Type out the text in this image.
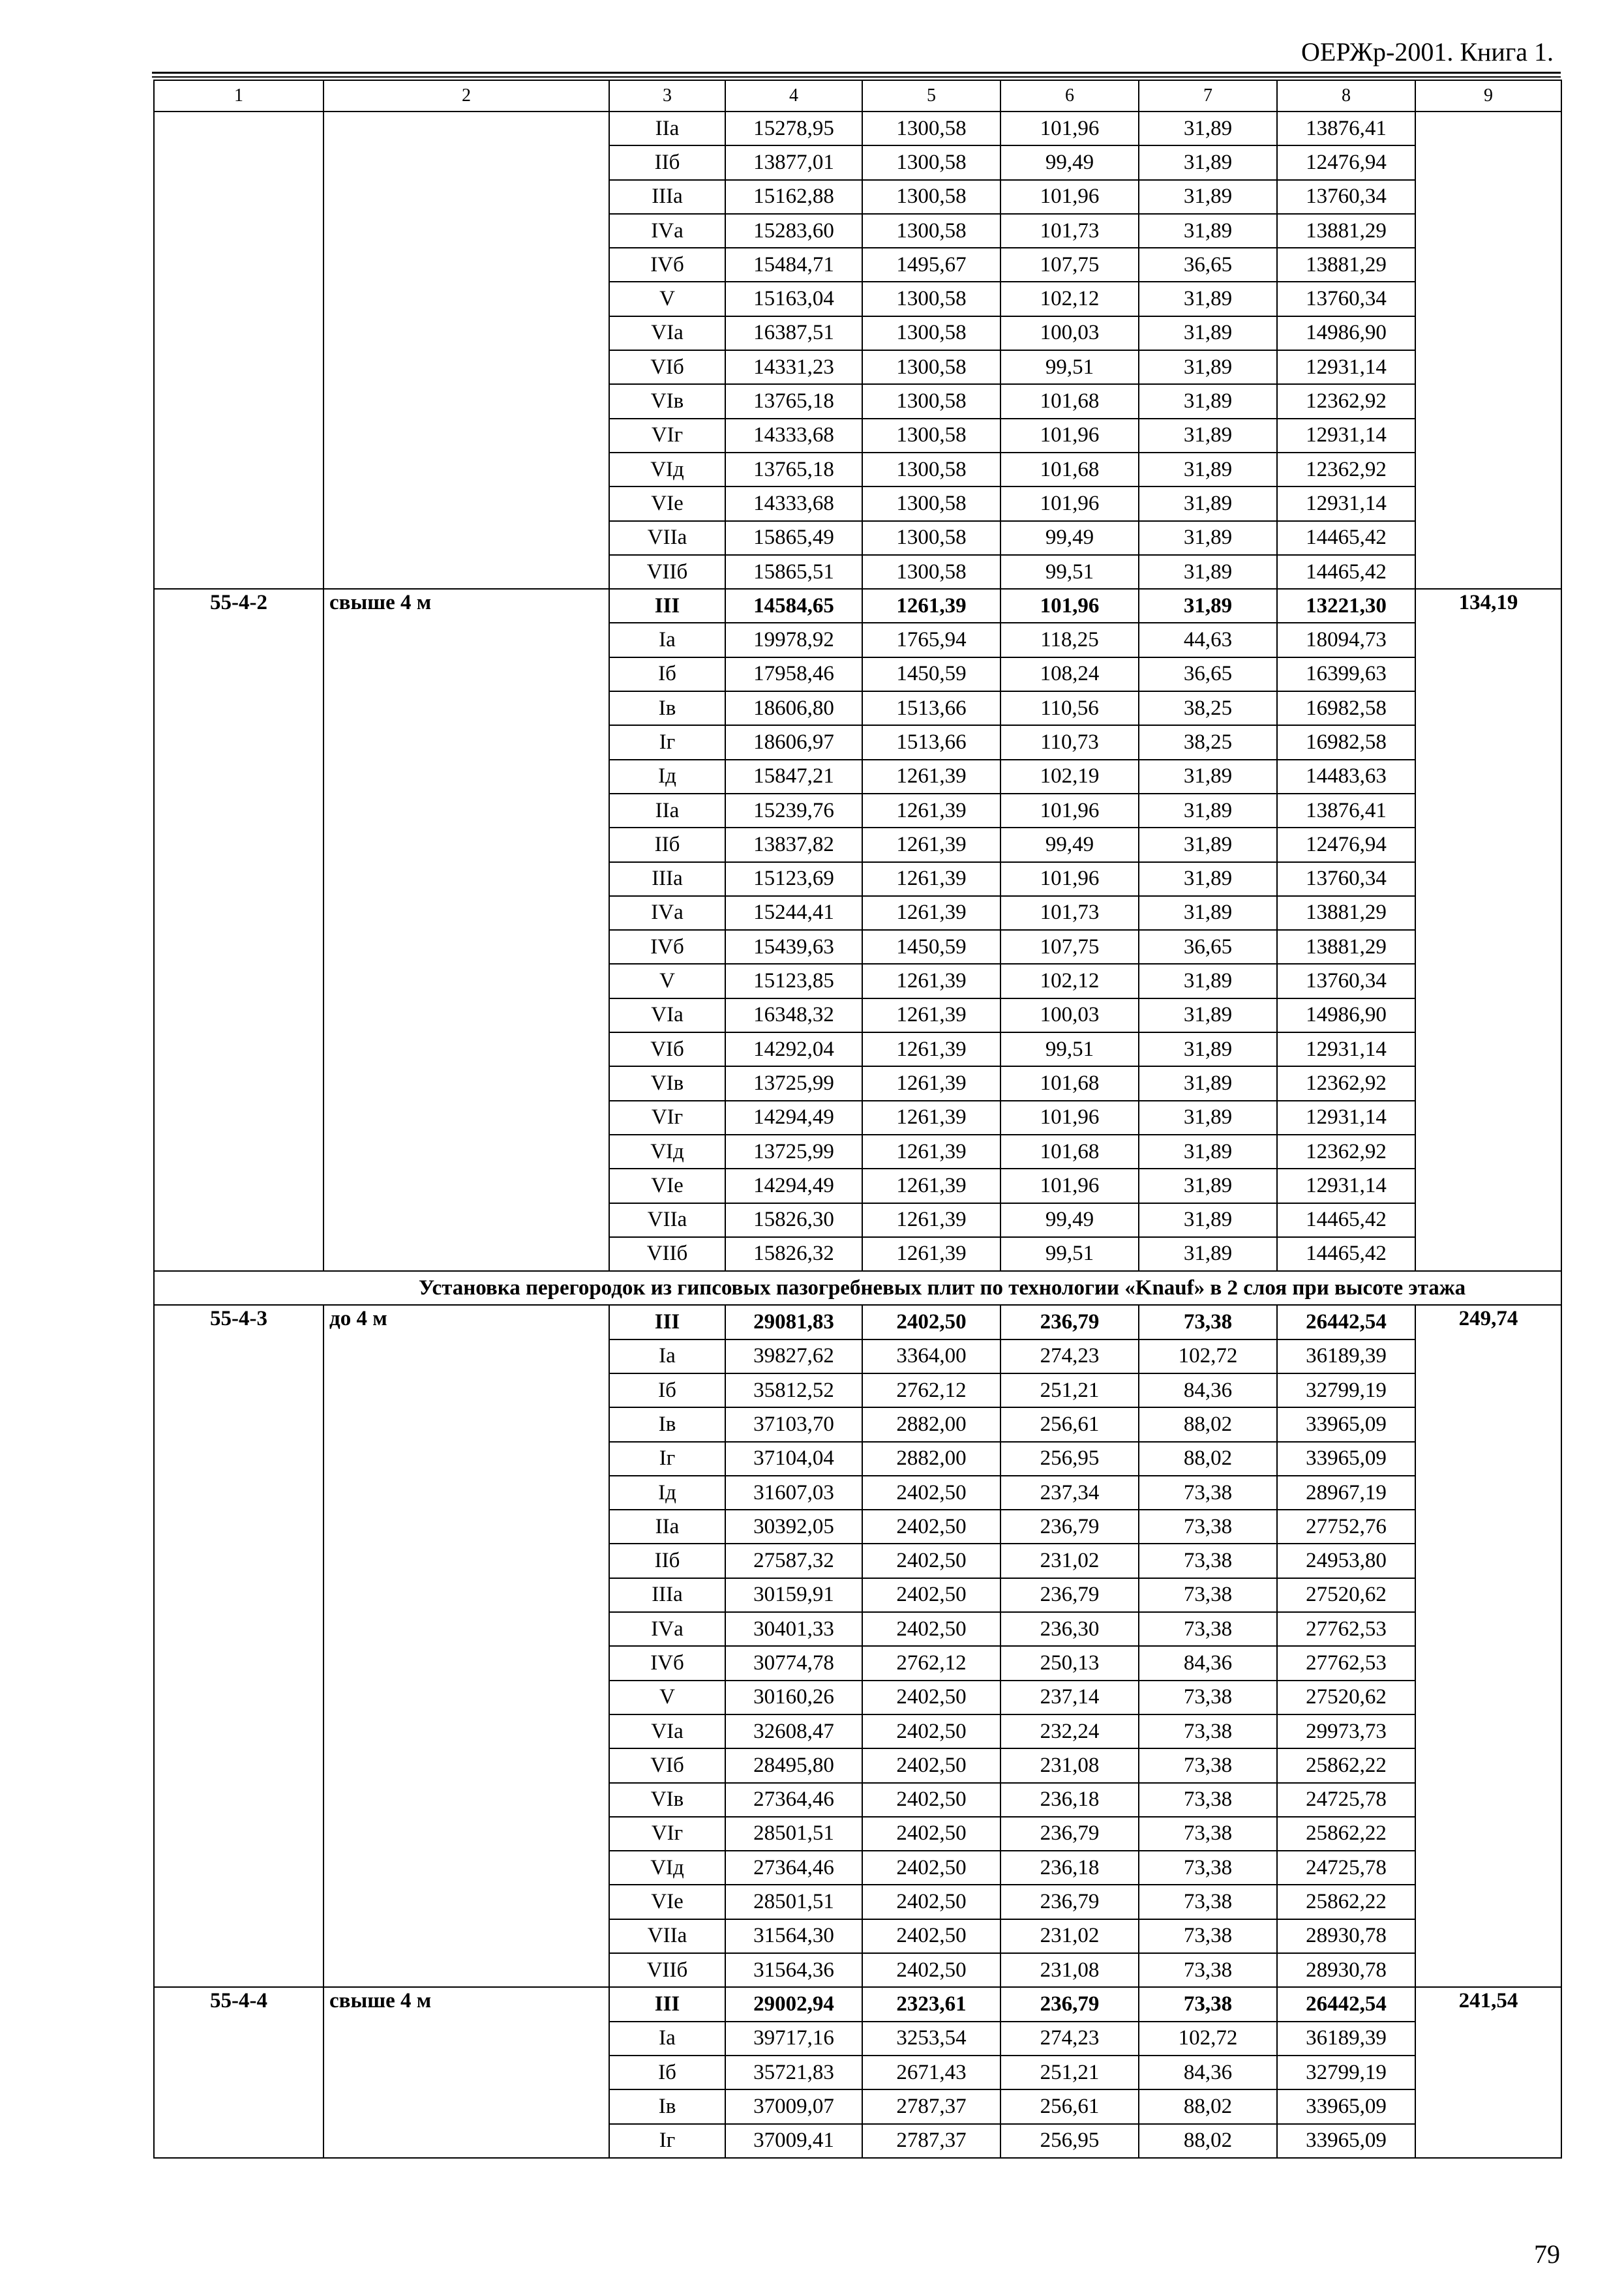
ОЕРЖр-2001. Книга 1.
1	2	3	4	5	6	7	8	9
		IIа	15278,95	1300,58	101,96	31,89	13876,41	
		IIб	13877,01	1300,58	99,49	31,89	12476,94	
		IIIа	15162,88	1300,58	101,96	31,89	13760,34	
		IVа	15283,60	1300,58	101,73	31,89	13881,29	
		IVб	15484,71	1495,67	107,75	36,65	13881,29	
		V	15163,04	1300,58	102,12	31,89	13760,34	
		VIа	16387,51	1300,58	100,03	31,89	14986,90	
		VIб	14331,23	1300,58	99,51	31,89	12931,14	
		VIв	13765,18	1300,58	101,68	31,89	12362,92	
		VIг	14333,68	1300,58	101,96	31,89	12931,14	
		VIд	13765,18	1300,58	101,68	31,89	12362,92	
		VIе	14333,68	1300,58	101,96	31,89	12931,14	
		VIIа	15865,49	1300,58	99,49	31,89	14465,42	
		VIIб	15865,51	1300,58	99,51	31,89	14465,42	
55-4-2	свыше 4 м	III	14584,65	1261,39	101,96	31,89	13221,30	134,19
		Iа	19978,92	1765,94	118,25	44,63	18094,73	
		Iб	17958,46	1450,59	108,24	36,65	16399,63	
		Iв	18606,80	1513,66	110,56	38,25	16982,58	
		Iг	18606,97	1513,66	110,73	38,25	16982,58	
		Iд	15847,21	1261,39	102,19	31,89	14483,63	
		IIа	15239,76	1261,39	101,96	31,89	13876,41	
		IIб	13837,82	1261,39	99,49	31,89	12476,94	
		IIIа	15123,69	1261,39	101,96	31,89	13760,34	
		IVа	15244,41	1261,39	101,73	31,89	13881,29	
		IVб	15439,63	1450,59	107,75	36,65	13881,29	
		V	15123,85	1261,39	102,12	31,89	13760,34	
		VIа	16348,32	1261,39	100,03	31,89	14986,90	
		VIб	14292,04	1261,39	99,51	31,89	12931,14	
		VIв	13725,99	1261,39	101,68	31,89	12362,92	
		VIг	14294,49	1261,39	101,96	31,89	12931,14	
		VIд	13725,99	1261,39	101,68	31,89	12362,92	
		VIе	14294,49	1261,39	101,96	31,89	12931,14	
		VIIа	15826,30	1261,39	99,49	31,89	14465,42	
		VIIб	15826,32	1261,39	99,51	31,89	14465,42	
	Установка перегородок из гипсовых пазогребневых плит по технологии «Knauf» в 2 слоя при высоте этажа							
55-4-3	до 4 м	III	29081,83	2402,50	236,79	73,38	26442,54	249,74
		Iа	39827,62	3364,00	274,23	102,72	36189,39	
		Iб	35812,52	2762,12	251,21	84,36	32799,19	
		Iв	37103,70	2882,00	256,61	88,02	33965,09	
		Iг	37104,04	2882,00	256,95	88,02	33965,09	
		Iд	31607,03	2402,50	237,34	73,38	28967,19	
		IIа	30392,05	2402,50	236,79	73,38	27752,76	
		IIб	27587,32	2402,50	231,02	73,38	24953,80	
		IIIа	30159,91	2402,50	236,79	73,38	27520,62	
		IVа	30401,33	2402,50	236,30	73,38	27762,53	
		IVб	30774,78	2762,12	250,13	84,36	27762,53	
		V	30160,26	2402,50	237,14	73,38	27520,62	
		VIа	32608,47	2402,50	232,24	73,38	29973,73	
		VIб	28495,80	2402,50	231,08	73,38	25862,22	
		VIв	27364,46	2402,50	236,18	73,38	24725,78	
		VIг	28501,51	2402,50	236,79	73,38	25862,22	
		VIд	27364,46	2402,50	236,18	73,38	24725,78	
		VIе	28501,51	2402,50	236,79	73,38	25862,22	
		VIIа	31564,30	2402,50	231,02	73,38	28930,78	
		VIIб	31564,36	2402,50	231,08	73,38	28930,78	
55-4-4	свыше 4 м	III	29002,94	2323,61	236,79	73,38	26442,54	241,54
		Iа	39717,16	3253,54	274,23	102,72	36189,39	
		Iб	35721,83	2671,43	251,21	84,36	32799,19	
		Iв	37009,07	2787,37	256,61	88,02	33965,09	
		Iг	37009,41	2787,37	256,95	88,02	33965,09	
79
